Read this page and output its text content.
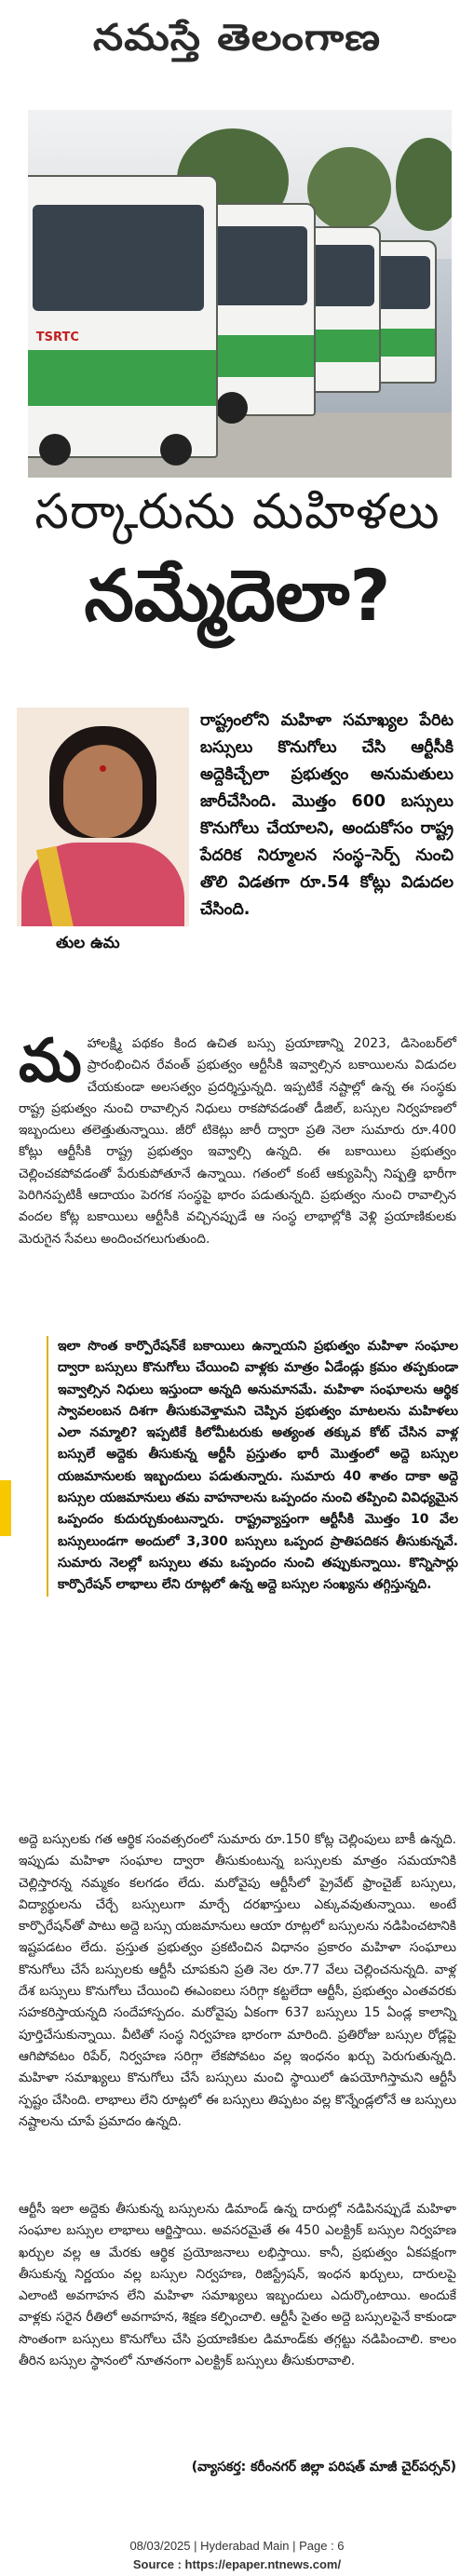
నమస్తే తెలంగాణ
TSRTC
సర్కారును మహిళలు
నమ్మేదెలా?
తుల ఉమ
రాష్ట్రంలోని మహిళా సమాఖ్యల పేరిట బస్సులు కొనుగోలు చేసి ఆర్టీసీకి అద్దెకిచ్చేలా ప్రభుత్వం అనుమతులు జారీచేసింది. మొత్తం 600 బస్సులు కొనుగోలు చేయాలని, అందుకోసం రాష్ట్ర పేదరిక నిర్మూలన సంస్థ–సెర్ప్ నుంచి తొలి విడతగా రూ.54 కోట్లు విడుదల చేసింది.
మ హాలక్ష్మి పథకం కింద ఉచిత బస్సు ప్రయాణాన్ని 2023, డిసెంబర్‌లో ప్రారంభించిన రేవంత్ ప్రభుత్వం ఆర్టీసీకి ఇవ్వాల్సిన బకాయిలను విడుదల చేయకుండా అలసత్వం ప్రదర్శిస్తున్నది. ఇప్పటికే నష్టాల్లో ఉన్న ఈ సంస్థకు రాష్ట్ర ప్రభుత్వం నుంచి రావాల్సిన నిధులు రాకపోవడంతో డీజిల్, బస్సుల నిర్వహణలో ఇబ్బందులు తలెత్తుతున్నాయి. జీరో టికెట్లు జారీ ద్వారా ప్రతి నెలా సుమారు రూ.400 కోట్లు ఆర్టీసీకి రాష్ట్ర ప్రభుత్వం ఇవ్వాల్సి ఉన్నది. ఈ బకాయిలు ప్రభుత్వం చెల్లించకపోవడంతో పేరుకుపోతూనే ఉన్నాయి. గతంలో కంటే ఆక్యుపెన్సీ నిష్పత్తి భారీగా పెరిగినప్పటికీ ఆదాయం పెరగక సంస్థపై భారం పడుతున్నది. ప్రభుత్వం నుంచి రావాల్సిన వందల కోట్ల బకాయిలు ఆర్టీసీకి వచ్చినప్పుడే ఆ సంస్థ లాభాల్లోకి వెళ్లి ప్రయాణికులకు మెరుగైన సేవలు అందించగలుగుతుంది.
ఇలా సొంత కార్పొరేషన్‌కే బకాయిలు ఉన్నాయని ప్రభుత్వం మహిళా సంఘాల ద్వారా బస్సులు కొనుగోలు చేయించి వాళ్లకు మాత్రం ఏడేండ్లు క్రమం తప్పకుండా ఇవ్వాల్సిన నిధులు ఇస్తుందా అన్నది అనుమానమే. మహిళా సంఘాలను ఆర్థిక స్వావలంబన దిశగా తీసుకువెళ్తామని చెప్పిన ప్రభుత్వం మాటలను మహిళలు ఎలా నమ్మాలి? ఇప్పటికే కిలోమీటరుకు అత్యంత తక్కువ కోట్ చేసిన వాళ్ల బస్సులే అద్దెకు తీసుకున్న ఆర్టీసీ ప్రస్తుతం భారీ మొత్తంలో అద్దె బస్సుల యజమానులకు ఇబ్బందులు పడుతున్నారు. సుమారు 40 శాతం దాకా అద్దె బస్సుల యజమానులు తమ వాహనాలను ఒప్పందం నుంచి తప్పించి వివిధ్యమైన ఒప్పందం కుదుర్చుకుంటున్నారు. రాష్ట్రవ్యాప్తంగా ఆర్టీసీకి మొత్తం 10 వేల బస్సులుండగా అందులో 3,300 బస్సులు ఒప్పంద ప్రాతిపదికన తీసుకున్నవే. సుమారు నెలల్లో బస్సులు తమ ఒప్పందం నుంచి తప్పుకున్నాయి. కొన్నిసార్లు కార్పొరేషన్ లాభాలు లేని రూట్లలో ఉన్న అద్దె బస్సుల సంఖ్యను తగ్గిస్తున్నది.
అద్దె బస్సులకు గత ఆర్థిక సంవత్సరంలో సుమారు రూ.150 కోట్ల చెల్లింపులు బాకీ ఉన్నది. ఇప్పుడు మహిళా సంఘాల ద్వారా తీసుకుంటున్న బస్సులకు మాత్రం సమయానికి చెల్లిస్తారన్న నమ్మకం కలగడం లేదు. మరోవైపు ఆర్టీసీలో ప్రైవేట్ ఫ్రాంచైజ్ బస్సులు, విద్యార్థులను చేర్చే బస్సులుగా మార్చే దరఖాస్తులు ఎక్కువవుతున్నాయి. అంటే కార్పొరేషన్‌తో పాటు అద్దె బస్సు యజమానులు ఆయా రూట్లలో బస్సులను నడిపించటానికి ఇష్టపడటం లేదు. ప్రస్తుత ప్రభుత్వం ప్రకటించిన విధానం ప్రకారం మహిళా సంఘాలు కొనుగోలు చేసే బస్సులకు ఆర్టీసీ చూపకుని ప్రతి నెల రూ.77 వేలు చెల్లించనున్నది. వాళ్ల దేశ బస్సులు కొనుగోలు చేయించి ఈఎంఐలు సరిగ్గా కట్టలేదా ఆర్టీసీ, ప్రభుత్వం ఎంతవరకు సహకరిస్తాయన్నది సందేహాస్పదం. మరోవైపు ఏకంగా 637 బస్సులు 15 ఏండ్ల కాలాన్ని పూర్తిచేసుకున్నాయి. వీటితో సంస్థ నిర్వహణ భారంగా మారింది. ప్రతిరోజు బస్సుల రోడ్లపై ఆగిపోవటం రిపేర్, నిర్వహణ సరిగ్గా లేకపోవటం వల్ల ఇంధనం ఖర్చు పెరుగుతున్నది. మహిళా సమాఖ్యలు కొనుగోలు చేసే బస్సులు మంచి స్థాయిలో ఉపయోగిస్తామని ఆర్టీసీ స్పష్టం చేసింది. లాభాలు లేని రూట్లలో ఈ బస్సులు తిప్పటం వల్ల కొన్నేండ్లలోనే ఆ బస్సులు నష్టాలను చూపే ప్రమాదం ఉన్నది.
ఆర్టీసీ ఇలా అద్దెకు తీసుకున్న బస్సులను డిమాండ్ ఉన్న దారుల్లో నడిపినప్పుడే మహిళా సంఘాల బస్సుల లాభాలు ఆర్జిస్తాయి. అవసరమైతే ఈ 450 ఎలక్ట్రిక్ బస్సుల నిర్వహణ ఖర్చుల వల్ల ఆ మేరకు ఆర్థిక ప్రయోజనాలు లభిస్తాయి. కానీ, ప్రభుత్వం ఏకపక్షంగా తీసుకున్న నిర్ణయం వల్ల బస్సుల నిర్వహణ, రిజిస్ట్రేషన్, ఇంధన ఖర్చులు, దారులపై ఎలాంటి అవగాహన లేని మహిళా సమాఖ్యలు ఇబ్బందులు ఎదుర్కొంటాయి. అందుకే వాళ్లకు సరైన రీతిలో అవగాహన, శిక్షణ కల్పించాలి. ఆర్టీసీ సైతం అద్దె బస్సులపైనే కాకుండా సొంతంగా బస్సులు కొనుగోలు చేసి ప్రయాణికుల డిమాండ్‌కు తగ్గట్టు నడిపించాలి. కాలం తీరిన బస్సుల స్థానంలో నూతనంగా ఎలక్ట్రిక్ బస్సులు తీసుకురావాలి.
(వ్యాసకర్త: కరీంనగర్ జిల్లా పరిషత్ మాజీ చైర్‌పర్సన్)
08/03/2025 | Hyderabad Main | Page : 6
Source : https://epaper.ntnews.com/
